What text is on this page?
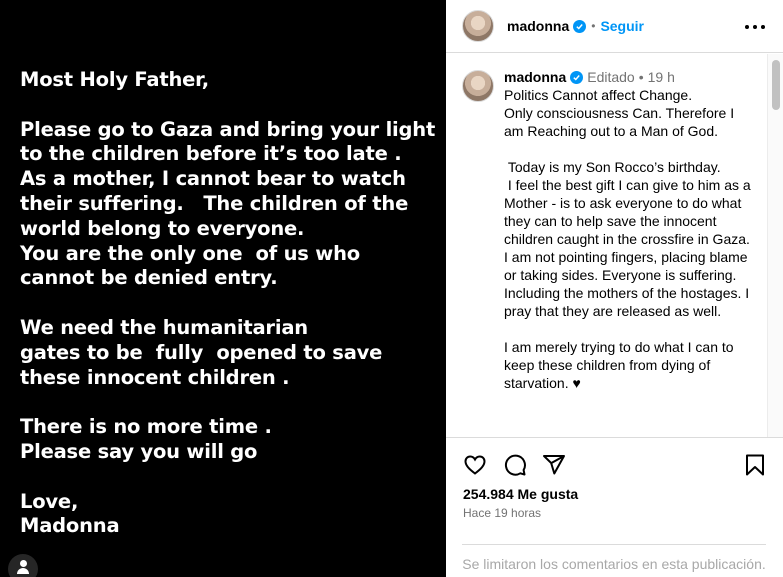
Most Holy Father,

Please go to Gaza and bring your light to the children before it’s too late .  As a mother, I cannot bear to watch their suffering.   The children of the world belong to everyone.
You are the only one  of us who cannot be denied entry.

We need the humanitarian
gates to be  fully  opened to save these innocent children .

There is no more time .
Please say you will go

Love,
Madonna
madonna • Seguir
madonna Editado • 19 h
Politics Cannot affect Change.
Only consciousness Can. Therefore I am Reaching out to a Man of God.

Today is my Son Rocco’s birthday.
I feel the best gift I can give to him as a Mother - is to ask everyone to do what they can to help save the innocent children caught in the crossfire in Gaza.
I am not pointing fingers, placing blame or taking sides. Everyone is suffering. Including the mothers of the hostages. I pray that they are released as well.

I am merely trying to do what I can to keep these children from dying of starvation. ♥
254.984 Me gusta
Hace 19 horas
Se limitaron los comentarios en esta publicación.
